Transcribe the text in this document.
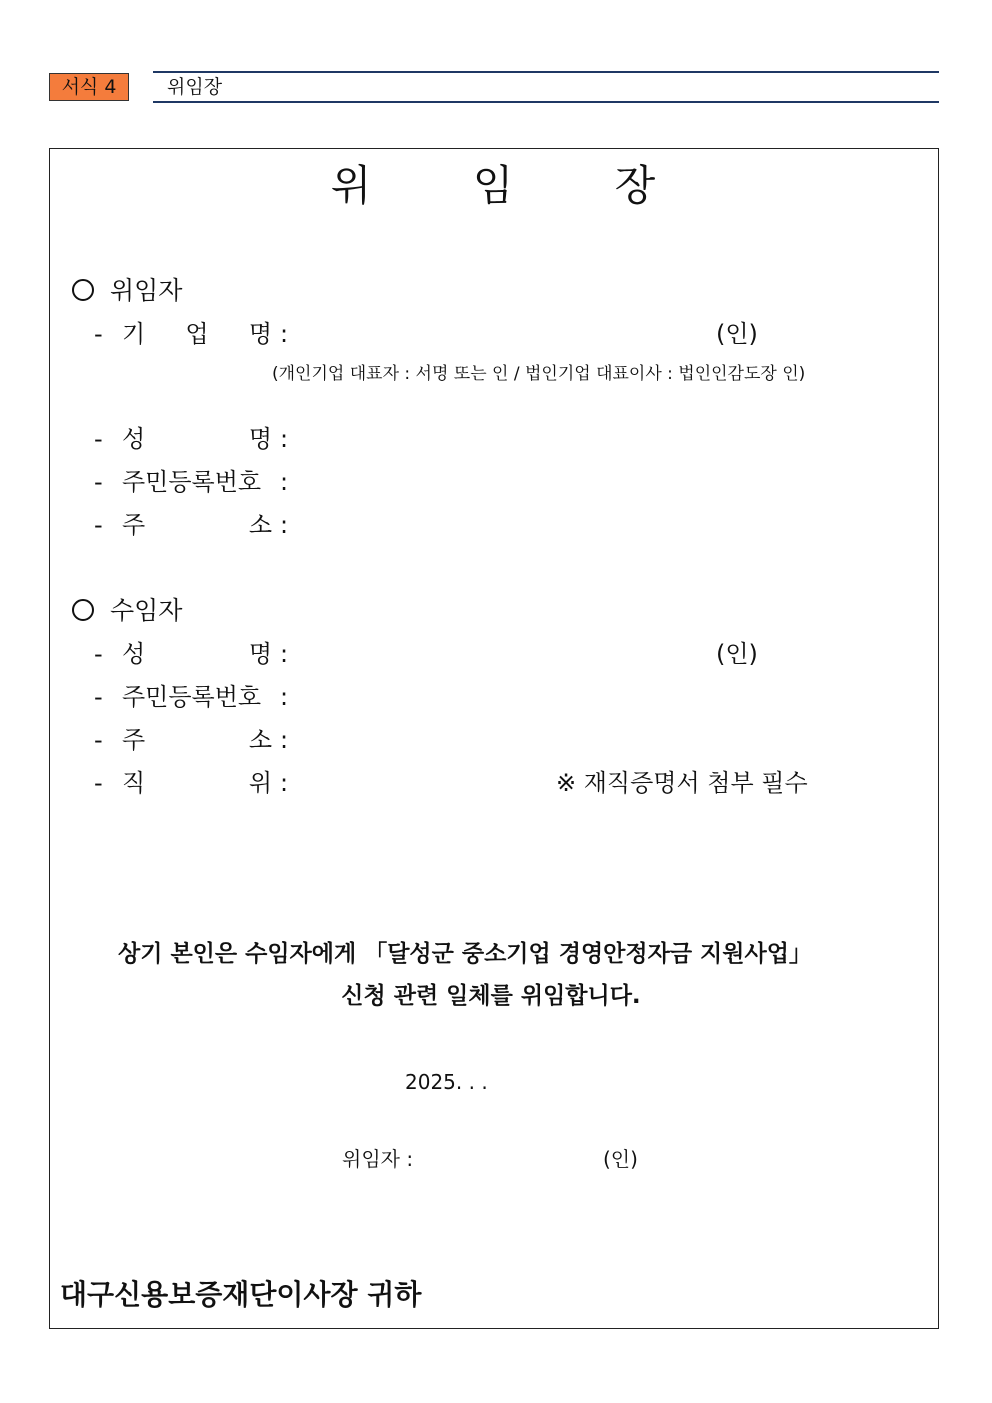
서식 4	위임장
위 임 장
위임자
- 기 업 명 :	(인)
(개인기업 대표자 : 서명 또는 인 / 법인기업 대표이사 : 법인인감도장 인)
- 성	명 :
- 주민등록번호 :
- 주	소 :
수임자
- 성	명 :	(인)
- 주민등록번호 :
- 주	소 :
- 직	위 :	※ 재직증명서 첨부 필수
상기 본인은 수임자에게 「달성군 중소기업 경영안정자금 지원사업」
신청 관련 일체를 위임합니다.
2025. . .
위임자 :	(인)
대구신용보증재단이사장 귀하
